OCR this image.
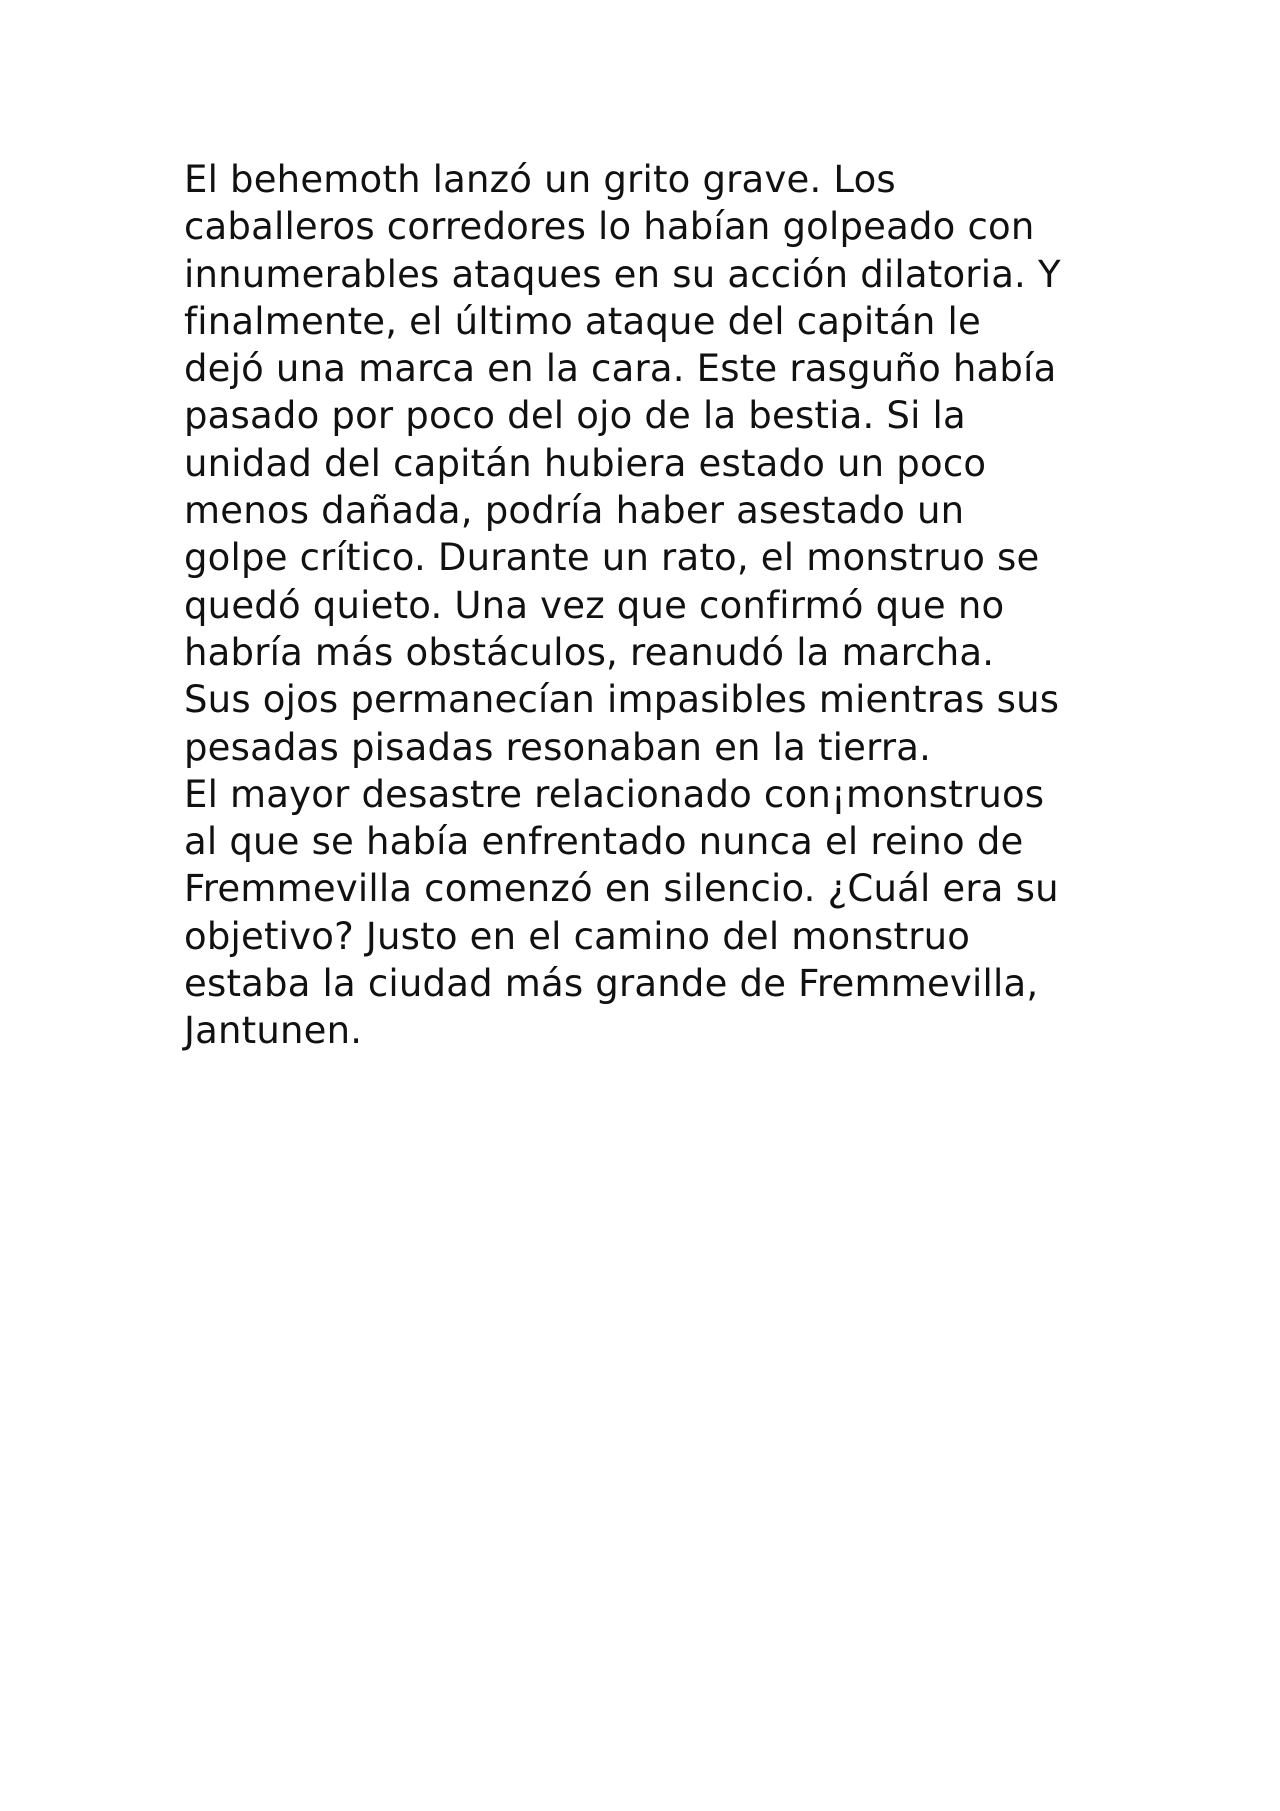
El behemoth lanzó un grito grave. Los
caballeros corredores lo habían golpeado con
innumerables ataques en su acción dilatoria. Y
finalmente, el último ataque del capitán le
dejó una marca en la cara. Este rasguño había
pasado por poco del ojo de la bestia. Si la
unidad del capitán hubiera estado un poco
menos dañada, podría haber asestado un
golpe crítico. Durante un rato, el monstruo se
quedó quieto. Una vez que confirmó que no
habría más obstáculos, reanudó la marcha.
Sus ojos permanecían impasibles mientras sus
pesadas pisadas resonaban en la tierra.
El mayor desastre relacionado con¡monstruos
al que se había enfrentado nunca el reino de
Fremmevilla comenzó en silencio. ¿Cuál era su
objetivo? Justo en el camino del monstruo
estaba la ciudad más grande de Fremmevilla,
Jantunen.
